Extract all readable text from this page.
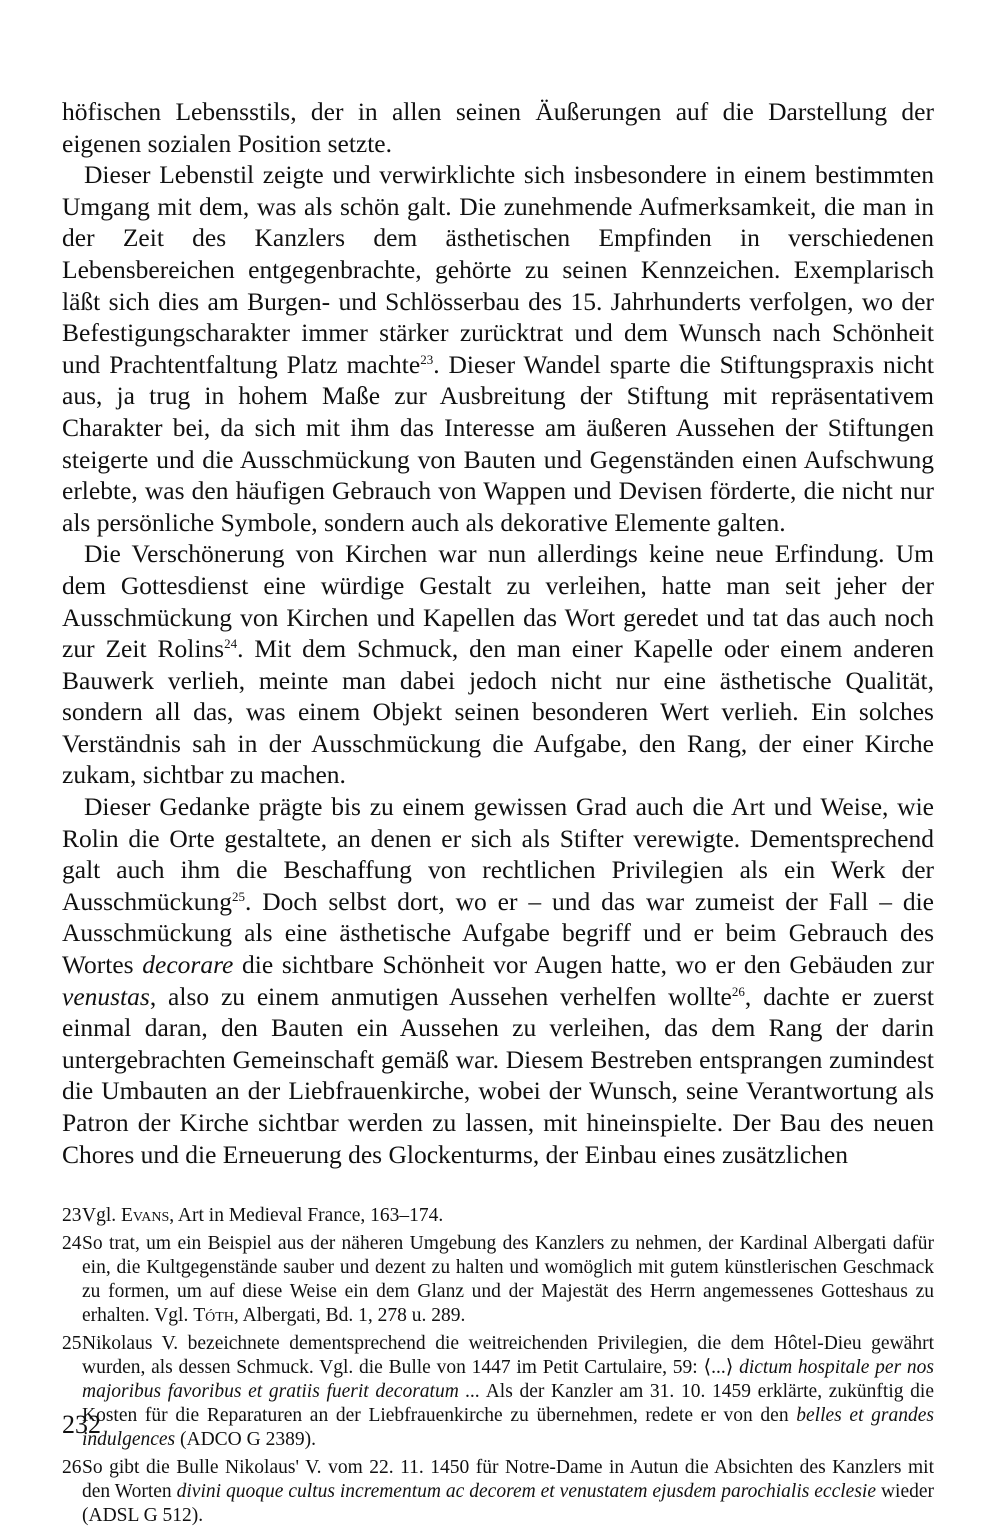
höfischen Lebensstils, der in allen seinen Äußerungen auf die Darstellung der eigenen sozialen Position setzte.

Dieser Lebenstil zeigte und verwirklichte sich insbesondere in einem bestimmten Umgang mit dem, was als schön galt. Die zunehmende Aufmerksamkeit, die man in der Zeit des Kanzlers dem ästhetischen Empfinden in verschiedenen Lebensbereichen entgegenbrachte, gehörte zu seinen Kennzeichen. Exemplarisch läßt sich dies am Burgen- und Schlösserbau des 15. Jahrhunderts verfolgen, wo der Befestigungscharakter immer stärker zurücktrat und dem Wunsch nach Schönheit und Prachtentfaltung Platz machte$^{23}$. Dieser Wandel sparte die Stiftungspraxis nicht aus, ja trug in hohem Maße zur Ausbreitung der Stiftung mit repräsentativem Charakter bei, da sich mit ihm das Interesse am äußeren Aussehen der Stiftungen steigerte und die Ausschmückung von Bauten und Gegenständen einen Aufschwung erlebte, was den häufigen Gebrauch von Wappen und Devisen förderte, die nicht nur als persönliche Symbole, sondern auch als dekorative Elemente galten.

Die Verschönerung von Kirchen war nun allerdings keine neue Erfindung. Um dem Gottesdienst eine würdige Gestalt zu verleihen, hatte man seit jeher der Ausschmückung von Kirchen und Kapellen das Wort geredet und tat das auch noch zur Zeit Rolins$^{24}$. Mit dem Schmuck, den man einer Kapelle oder einem anderen Bauwerk verlieh, meinte man dabei jedoch nicht nur eine ästhetische Qualität, sondern all das, was einem Objekt seinen besonderen Wert verlieh. Ein solches Verständnis sah in der Ausschmückung die Aufgabe, den Rang, der einer Kirche zukam, sichtbar zu machen.

Dieser Gedanke prägte bis zu einem gewissen Grad auch die Art und Weise, wie Rolin die Orte gestaltete, an denen er sich als Stifter verewigte. Dementsprechend galt auch ihm die Beschaffung von rechtlichen Privilegien als ein Werk der Ausschmückung$^{25}$. Doch selbst dort, wo er – und das war zumeist der Fall – die Ausschmückung als eine ästhetische Aufgabe begriff und er beim Gebrauch des Wortes decorare die sichtbare Schönheit vor Augen hatte, wo er den Gebäuden zur venustas, also zu einem anmutigen Aussehen verhelfen wollte$^{26}$, dachte er zuerst einmal daran, den Bauten ein Aussehen zu verleihen, das dem Rang der darin untergebrachten Gemeinschaft gemäß war. Diesem Bestreben entsprangen zumindest die Umbauten an der Liebfrauenkirche, wobei der Wunsch, seine Verantwortung als Patron der Kirche sichtbar werden zu lassen, mit hineinspielte. Der Bau des neuen Chores und die Erneuerung des Glockenturms, der Einbau eines zusätzlichen

23 Vgl. Evans, Art in Medieval France, 163–174.

24 So trat, um ein Beispiel aus der näheren Umgebung des Kanzlers zu nehmen, der Kardinal Albergati dafür ein, die Kultgegenstände sauber und dezent zu halten und womöglich mit gutem künstlerischen Geschmack zu formen, um auf diese Weise ein dem Glanz und der Majestät des Herrn angemessenes Gotteshaus zu erhalten. Vgl. Tóth, Albergati, Bd. 1, 278 u. 289.

25 Nikolaus V. bezeichnete dementsprechend die weitreichenden Privilegien, die dem Hôtel-Dieu gewährt wurden, als dessen Schmuck. Vgl. die Bulle von 1447 im Petit Cartulaire, 59: ⟨...⟩ dictum hospitale per nos majoribus favoribus et gratiis fuerit decoratum ... Als der Kanzler am 31. 10. 1459 erklärte, zukünftig die Kosten für die Reparaturen an der Liebfrauenkirche zu übernehmen, redete er von den belles et grandes indulgences (ADCO G 2389).

26 So gibt die Bulle Nikolaus' V. vom 22. 11. 1450 für Notre-Dame in Autun die Absichten des Kanzlers mit den Worten divini quoque cultus incrementum ac decorem et venustatem ejusdem parochialis ecclesie wieder (ADSL G 512).

232
